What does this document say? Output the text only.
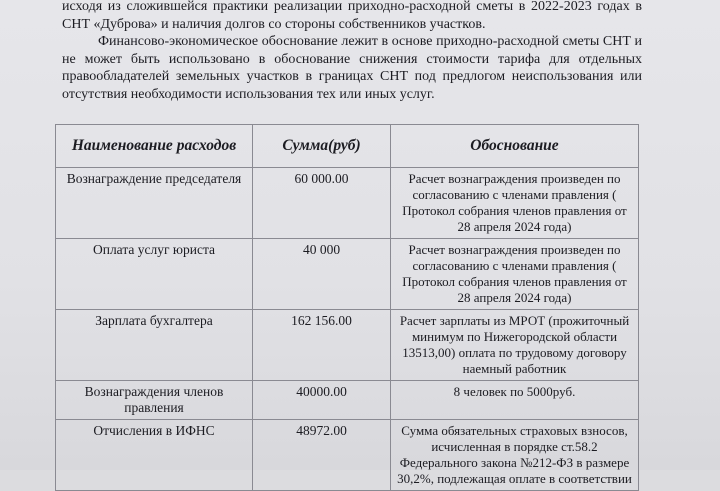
исходя из сложившейся практики реализации приходно-расходной сметы в 2022-2023 годах в СНТ «Дуброва» и наличия долгов со стороны собственников участков.

Финансово-экономическое обоснование лежит в основе приходно-расходной сметы СНТ и не может быть использовано в обоснование снижения стоимости тарифа для отдельных правообладателей земельных участков в границах СНТ под предлогом неиспользования или отсутствия необходимости использования тех или иных услуг.

Наименование расходов	Сумма(руб)	Обоснование
Вознаграждение председателя	60 000.00	Расчет вознаграждения произведен по согласованию с членами правления ( Протокол собрания членов правления от 28 апреля 2024 года)
Оплата услуг юриста	40 000	Расчет вознаграждения произведен по согласованию с членами правления ( Протокол собрания членов правления от 28 апреля 2024 года)
Зарплата бухгалтера	162 156.00	Расчет зарплаты из МРОТ (прожиточный минимум по Нижегородской области 13513,00) оплата по трудовому договору наемный работник
Вознаграждения членов правления	40000.00	8 человек по 5000руб.
Отчисления в ИФНС	48972.00	Сумма обязательных страховых взносов, исчисленная в порядке ст.58.2 Федерального закона №212-ФЗ в размере 30,2%, подлежащая оплате в соответствии
